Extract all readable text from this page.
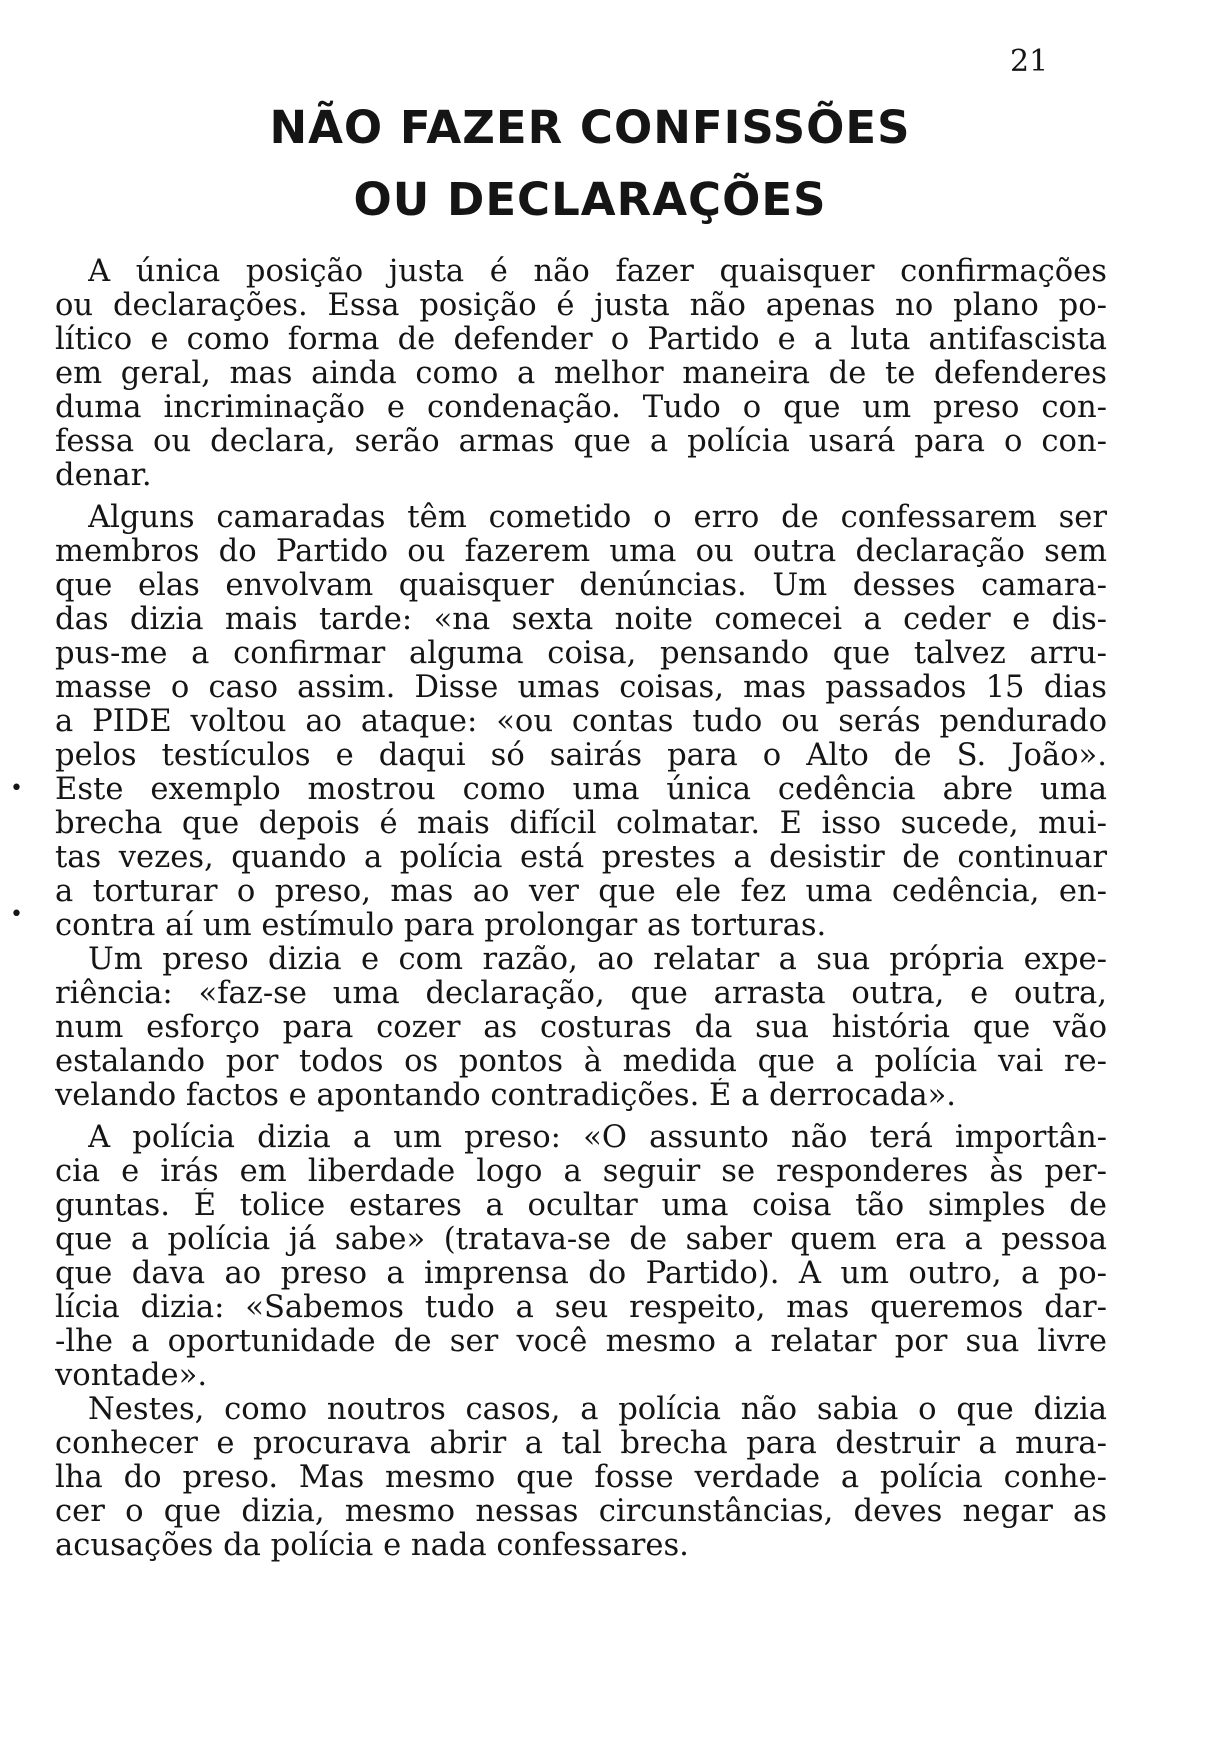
21
NÃO FAZER CONFISSÕES
OU DECLARAÇÕES
A única posição justa é não fazer quaisquer confirmações
ou declarações. Essa posição é justa não apenas no plano po-
lítico e como forma de defender o Partido e a luta antifascista
em geral, mas ainda como a melhor maneira de te defenderes
duma incriminação e condenação. Tudo o que um preso con-
fessa ou declara, serão armas que a polícia usará para o con-
denar.
Alguns camaradas têm cometido o erro de confessarem ser
membros do Partido ou fazerem uma ou outra declaração sem
que elas envolvam quaisquer denúncias. Um desses camara-
das dizia mais tarde: «na sexta noite comecei a ceder e dis-
pus-me a confirmar alguma coisa, pensando que talvez arru-
masse o caso assim. Disse umas coisas, mas passados 15 dias
a PIDE voltou ao ataque: «ou contas tudo ou serás pendurado
pelos testículos e daqui só sairás para o Alto de S. João».
Este exemplo mostrou como uma única cedência abre uma
brecha que depois é mais difícil colmatar. E isso sucede, mui-
tas vezes, quando a polícia está prestes a desistir de continuar
a torturar o preso, mas ao ver que ele fez uma cedência, en-
contra aí um estímulo para prolongar as torturas.
Um preso dizia e com razão, ao relatar a sua própria expe-
riência: «faz-se uma declaração, que arrasta outra, e outra,
num esforço para cozer as costuras da sua história que vão
estalando por todos os pontos à medida que a polícia vai re-
velando factos e apontando contradições. É a derrocada».
A polícia dizia a um preso: «O assunto não terá importân-
cia e irás em liberdade logo a seguir se responderes às per-
guntas. É tolice estares a ocultar uma coisa tão simples de
que a polícia já sabe» (tratava-se de saber quem era a pessoa
que dava ao preso a imprensa do Partido). A um outro, a po-
lícia dizia: «Sabemos tudo a seu respeito, mas queremos dar-
-lhe a oportunidade de ser você mesmo a relatar por sua livre
vontade».
Nestes, como noutros casos, a polícia não sabia o que dizia
conhecer e procurava abrir a tal brecha para destruir a mura-
lha do preso. Mas mesmo que fosse verdade a polícia conhe-
cer o que dizia, mesmo nessas circunstâncias, deves negar as
acusações da polícia e nada confessares.
•
•
